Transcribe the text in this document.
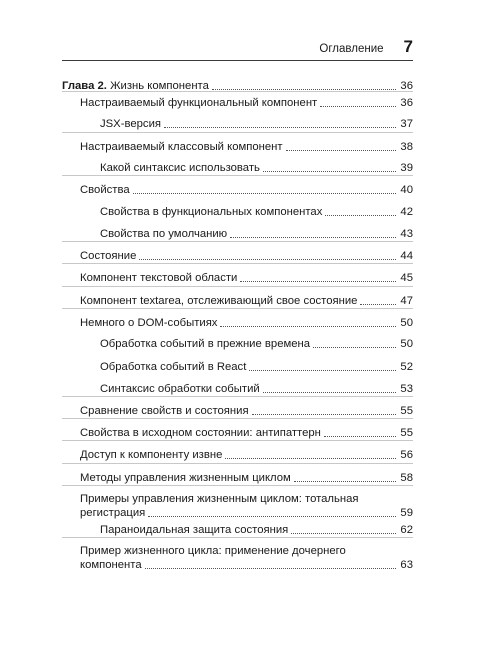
Оглавление 7
Глава 2. Жизнь компонента	36
Настраиваемый функциональный компонент	36
JSX-версия	37
Настраиваемый классовый компонент	38
Какой синтаксис использовать	39
Свойства	40
Свойства в функциональных компонентах	42
Свойства по умолчанию	43
Состояние	44
Компонент текстовой области	45
Компонент textarea, отслеживающий свое состояние	47
Немного о DOM-событиях	50
Обработка событий в прежние времена	50
Обработка событий в React	52
Синтаксис обработки событий	53
Сравнение свойств и состояния	55
Свойства в исходном состоянии: антипаттерн	55
Доступ к компоненту извне	56
Методы управления жизненным циклом	58
Примеры управления жизненным циклом: тотальная
регистрация	59
Параноидальная защита состояния	62
Пример жизненного цикла: применение дочернего
компонента	63
